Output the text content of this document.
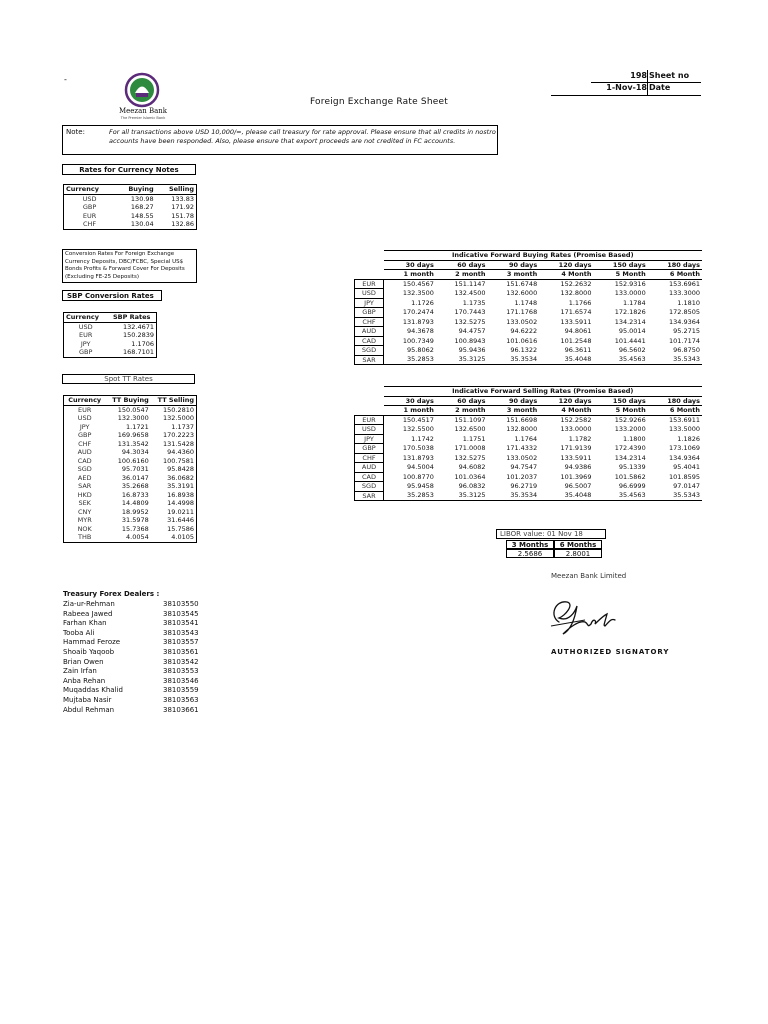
-	198 Sheet no
1-Nov-18 Date
Meezan Bank
The Premier Islamic Bank
Foreign Exchange Rate Sheet
Note:	For all transactions above USD 10,000/=, please call treasury for rate approval. Please ensure that all credits in nostro accounts have been responded. Also, please ensure that export proceeds are not credited in FC accounts.
Rates for Currency Notes
Currency	Buying	Selling
USD	130.98	133.83
GBP	168.27	171.92
EUR	148.55	151.78
CHF	130.04	132.86
Conversion Rates For Foreign Exchange Currency Deposits, DBC/FCBC, Special US$ Bonds Profits & Forward Cover For Deposits (Excluding FE-25 Deposits)
SBP Conversion Rates
Currency	SBP Rates
USD	132.4671
EUR	150.2839
JPY	1.1706
GBP	168.7101
Spot TT Rates
Currency	TT Buying	TT Selling
EUR	150.0547	150.2810
USD	132.3000	132.5000
JPY	1.1721	1.1737
GBP	169.9658	170.2223
CHF	131.3542	131.5428
AUD	94.3034	94.4360
CAD	100.6160	100.7581
SGD	95.7031	95.8428
AED	36.0147	36.0682
SAR	35.2668	35.3191
HKD	16.8733	16.8938
SEK	14.4809	14.4998
CNY	18.9952	19.0211
MYR	31.5978	31.6446
NOK	15.7368	15.7586
THB	4.0054	4.0105
	Indicative Forward Buying Rates (Promise Based)					
	30 days	60 days	90 days	120 days	150 days	180 days
	1 month	2 month	3 month	4 Month	5 Month	6 Month
EUR	150.4567	151.1147	151.6748	152.2632	152.9316	153.6961
USD	132.3500	132.4500	132.6000	132.8000	133.0000	133.3000
JPY	1.1726	1.1735	1.1748	1.1766	1.1784	1.1810
GBP	170.2474	170.7443	171.1768	171.6574	172.1826	172.8505
CHF	131.8793	132.5275	133.0502	133.5911	134.2314	134.9364
AUD	94.3678	94.4757	94.6222	94.8061	95.0014	95.2715
CAD	100.7349	100.8943	101.0616	101.2548	101.4441	101.7174
SGD	95.8062	95.9436	96.1322	96.3611	96.5602	96.8750
SAR	35.2853	35.3125	35.3534	35.4048	35.4563	35.5343
	Indicative Forward Selling Rates (Promise Based)					
	30 days	60 days	90 days	120 days	150 days	180 days
	1 month	2 month	3 month	4 Month	5 Month	6 Month
EUR	150.4517	151.1097	151.6698	152.2582	152.9266	153.6911
USD	132.5500	132.6500	132.8000	133.0000	133.2000	133.5000
JPY	1.1742	1.1751	1.1764	1.1782	1.1800	1.1826
GBP	170.5038	171.0008	171.4332	171.9139	172.4390	173.1069
CHF	131.8793	132.5275	133.0502	133.5911	134.2314	134.9364
AUD	94.5004	94.6082	94.7547	94.9386	95.1339	95.4041
CAD	100.8770	101.0364	101.2037	101.3969	101.5862	101.8595
SGD	95.9458	96.0832	96.2719	96.5007	96.6999	97.0147
SAR	35.2853	35.3125	35.3534	35.4048	35.4563	35.5343
LIBOR value: 01 Nov 18
3 Months	6 Months
2.5686	2.8001
Meezan Bank Limited
AUTHORIZED SIGNATORY
Treasury Forex Dealers :
Zia-ur-Rehman	38103550
Rabeea Jawed	38103545
Farhan Khan	38103541
Tooba Ali	38103543
Hammad Feroze	38103557
Shoaib Yaqoob	38103561
Brian Owen	38103542
Zain Irfan	38103553
Anba Rehan	38103546
Muqaddas Khalid	38103559
Mujtaba Nasir	38103563
Abdul Rehman	38103661
